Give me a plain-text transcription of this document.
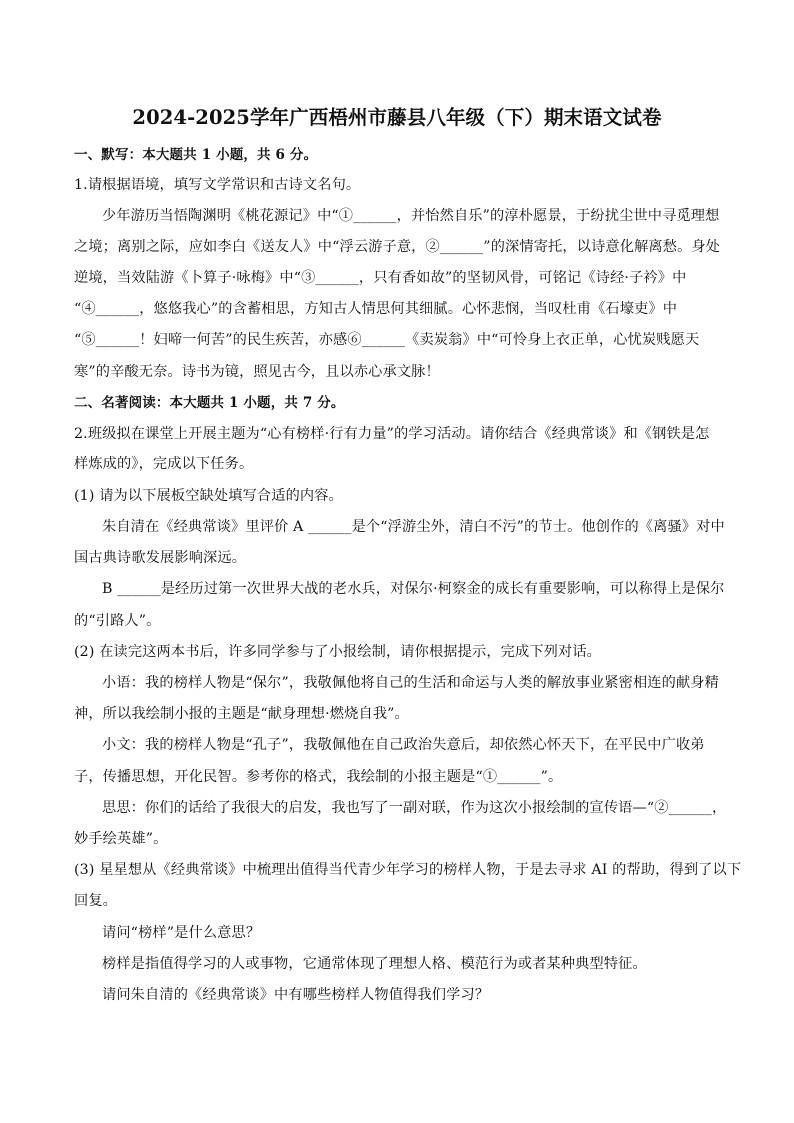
2024-2025学年广西梧州市藤县八年级（下）期末语文试卷
一、默写：本大题共 1 小题，共 6 分。
1.请根据语境，填写文学常识和古诗文名句。
少年游历当悟陶渊明《桃花源记》中“①______，并怡然自乐”的淳朴愿景，于纷扰尘世中寻觅理想
之境；离别之际，应如李白《送友人》中“浮云游子意，②______”的深情寄托，以诗意化解离愁。身处
逆境，当效陆游《卜算子·咏梅》中“③______，只有香如故”的坚韧风骨，可铭记《诗经·子衿》中
“④______，悠悠我心”的含蓄相思，方知古人情思何其细腻。心怀悲悯，当叹杜甫《石壕吏》中
“⑤______！妇啼一何苦”的民生疾苦，亦感⑥______《卖炭翁》中“可怜身上衣正单，心忧炭贱愿天
寒”的辛酸无奈。诗书为镜，照见古今，且以赤心承文脉！
二、名著阅读：本大题共 1 小题，共 7 分。
2.班级拟在课堂上开展主题为“心有榜样·行有力量”的学习活动。请你结合《经典常谈》和《钢铁是怎
样炼成的》，完成以下任务。
(1) 请为以下展板空缺处填写合适的内容。
朱自清在《经典常谈》里评价 A ______是个“浮游尘外，清白不污”的节士。他创作的《离骚》对中
国古典诗歌发展影响深远。
B ______是经历过第一次世界大战的老水兵，对保尔·柯察金的成长有重要影响，可以称得上是保尔
的“引路人”。
(2) 在读完这两本书后，许多同学参与了小报绘制，请你根据提示，完成下列对话。
小语：我的榜样人物是“保尔”，我敬佩他将自己的生活和命运与人类的解放事业紧密相连的献身精
神，所以我绘制小报的主题是“献身理想·燃烧自我”。
小文：我的榜样人物是“孔子”，我敬佩他在自己政治失意后，却依然心怀天下，在平民中广收弟
子，传播思想，开化民智。参考你的格式，我绘制的小报主题是“①______”。
思思：你们的话给了我很大的启发，我也写了一副对联，作为这次小报绘制的宣传语—“②______，
妙手绘英雄”。
(3) 星星想从《经典常谈》中梳理出值得当代青少年学习的榜样人物，于是去寻求 AI 的帮助，得到了以下
回复。
请问“榜样”是什么意思？
榜样是指值得学习的人或事物，它通常体现了理想人格、模范行为或者某种典型特征。
请问朱自清的《经典常谈》中有哪些榜样人物值得我们学习？
